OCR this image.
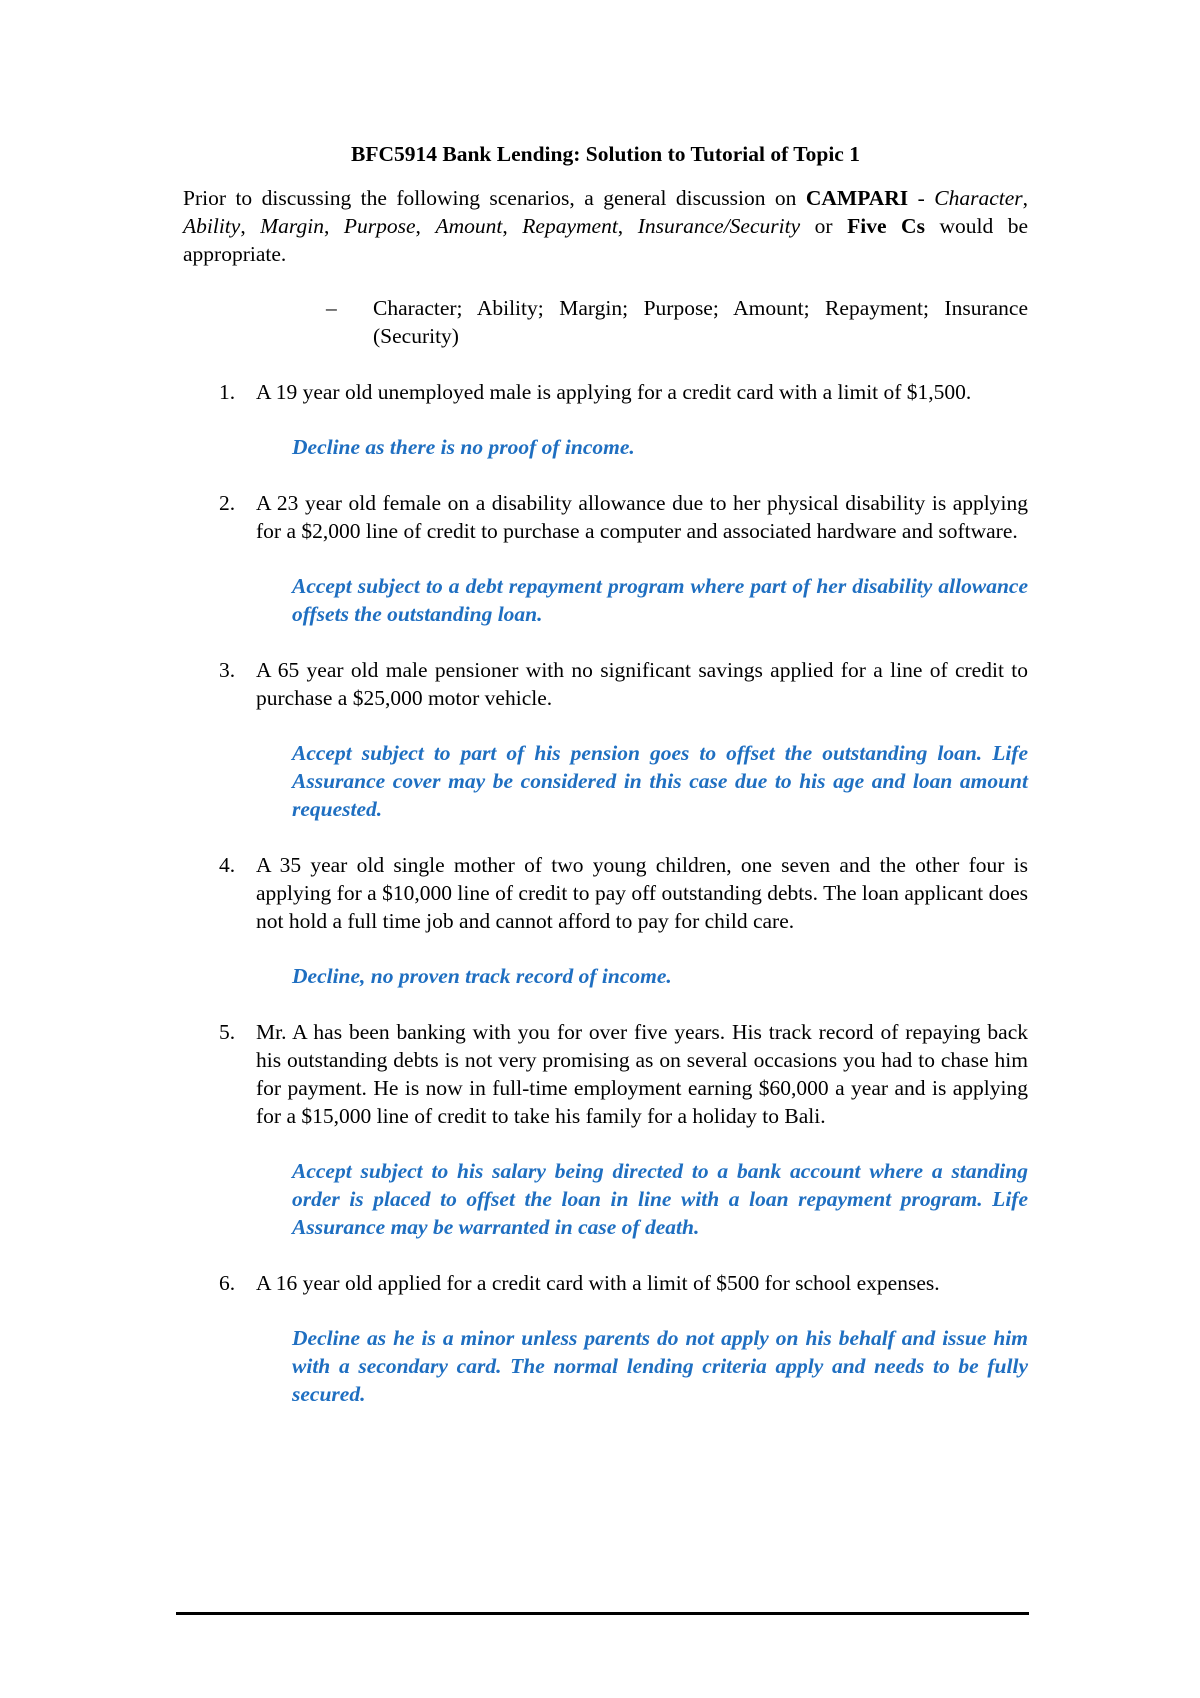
BFC5914 Bank Lending: Solution to Tutorial of Topic 1

Prior to discussing the following scenarios, a general discussion on CAMPARI - Character, Ability, Margin, Purpose, Amount, Repayment, Insurance/Security or Five Cs would be appropriate.

–	Character; Ability; Margin; Purpose; Amount; Repayment; Insurance (Security)
1. A 19 year old unemployed male is applying for a credit card with a limit of $1,500.
Decline as there is no proof of income.
2. A 23 year old female on a disability allowance due to her physical disability is applying for a $2,000 line of credit to purchase a computer and associated hardware and software.
Accept subject to a debt repayment program where part of her disability allowance offsets the outstanding loan.
3. A 65 year old male pensioner with no significant savings applied for a line of credit to purchase a $25,000 motor vehicle.
Accept subject to part of his pension goes to offset the outstanding loan. Life Assurance cover may be considered in this case due to his age and loan amount requested.
4. A 35 year old single mother of two young children, one seven and the other four is applying for a $10,000 line of credit to pay off outstanding debts. The loan applicant does not hold a full time job and cannot afford to pay for child care.
Decline, no proven track record of income.
5. Mr. A has been banking with you for over five years. His track record of repaying back his outstanding debts is not very promising as on several occasions you had to chase him for payment. He is now in full-time employment earning $60,000 a year and is applying for a $15,000 line of credit to take his family for a holiday to Bali.
Accept subject to his salary being directed to a bank account where a standing order is placed to offset the loan in line with a loan repayment program. Life Assurance may be warranted in case of death.
6. A 16 year old applied for a credit card with a limit of $500 for school expenses.
Decline as he is a minor unless parents do not apply on his behalf and issue him with a secondary card. The normal lending criteria apply and needs to be fully secured.
